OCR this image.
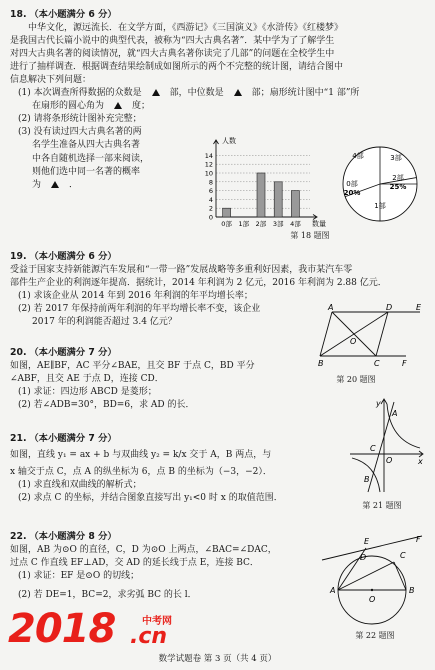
18. （本小题满分 6 分）
中华文化，源远流长．在文学方面，《西游记》《三国演义》《水浒传》《红楼梦》
是我国古代长篇小说中的典型代表，被称为“四大古典名著”．某中学为了了解学生
对四大古典名著的阅读情况，就“四大古典名著你读完了几部”的问题在全校学生中
进行了抽样调查．根据调查结果绘制成如图所示的两个不完整的统计图，请结合图中
信息解决下列问题：
(1) 本次调查所得数据的众数是	部，中位数是	部；扇形统计图中“1 部”所
在扇形的圆心角为	度；
(2) 请将条形统计图补充完整；
(3) 没有读过四大古典名著的两
名学生准备从四大古典名著
中各自随机选择一部来阅读，
则他们选中同一名著的概率
为	．
0
2
4
6
8
10
12
14
人数
数量
0部 1部 2部 3部 4部
4部	3部
2部
25%
1部
0部
20%
第 18 题图
19. （本小题满分 6 分）
受益于国家支持新能源汽车发展和“一带一路”发展战略等多重利好因素，我市某汽车零
部件生产企业的利润逐年提高．据统计，2014 年利润为 2 亿元，2016 年利润为 2.88 亿元．
(1) 求该企业从 2014 年到 2016 年利润的年平均增长率；
(2) 若 2017 年保持前两年利润的年平均增长率不变，该企业
2017 年的利润能否超过 3.4 亿元？
20. （本小题满分 7 分）
如图，AE∥BF，AC 平分∠BAE，且交 BF 于点 C，BD 平分
∠ABF，且交 AE 于点 D，连接 CD．
(1) 求证：四边形 ABCD 是菱形；
(2) 若∠ADB=30°，BD=6，求 AD 的长．
A	D	E
B	C	F
O
第 20 题图
21. （本小题满分 7 分）
如图，直线 y₁ = ax + b 与双曲线 y₂ = k/x 交于 A，B 两点，与
x 轴交于点 C，点 A 的纵坐标为 6，点 B 的坐标为（−3，−2）．
(1) 求直线和双曲线的解析式；
(2) 求点 C 的坐标，并结合图象直接写出 y₁<0 时 x 的取值范围．
y
x
A
B
C
O
第 21 题图
22. （本小题满分 8 分）
如图，AB 为⊙O 的直径，C，D 为⊙O 上两点，∠BAC=∠DAC，
过点 C 作直线 EF⊥AD，交 AD 的延长线于点 E，连接 BC．
(1) 求证：EF 是⊙O 的切线；
(2) 若 DE=1，BC=2，求劣弧 BC 的长 l．
E
D	C
F
A	B
O
第 22 题图
2018	中考网
.cn
数学试题卷 第 3 页（共 4 页）
